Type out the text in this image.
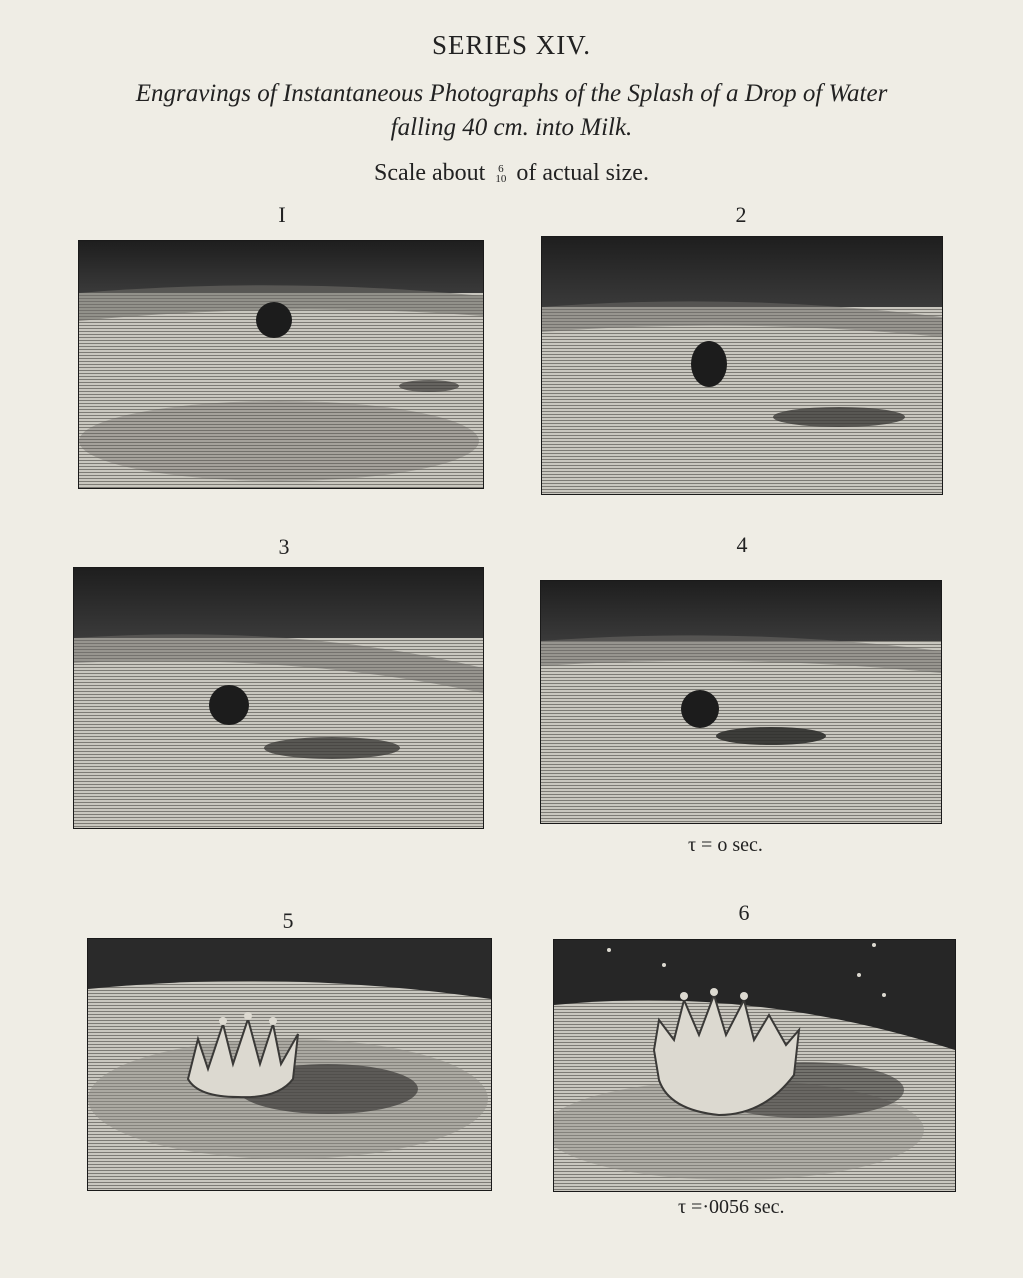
SERIES XIV.
Engravings of Instantaneous Photographs of the Splash of a Drop of Water
falling 40 cm. into Milk.
Scale about 6
10 of actual size.
I	2
3	4
5	6
τ = o sec.
τ =·0056 sec.
